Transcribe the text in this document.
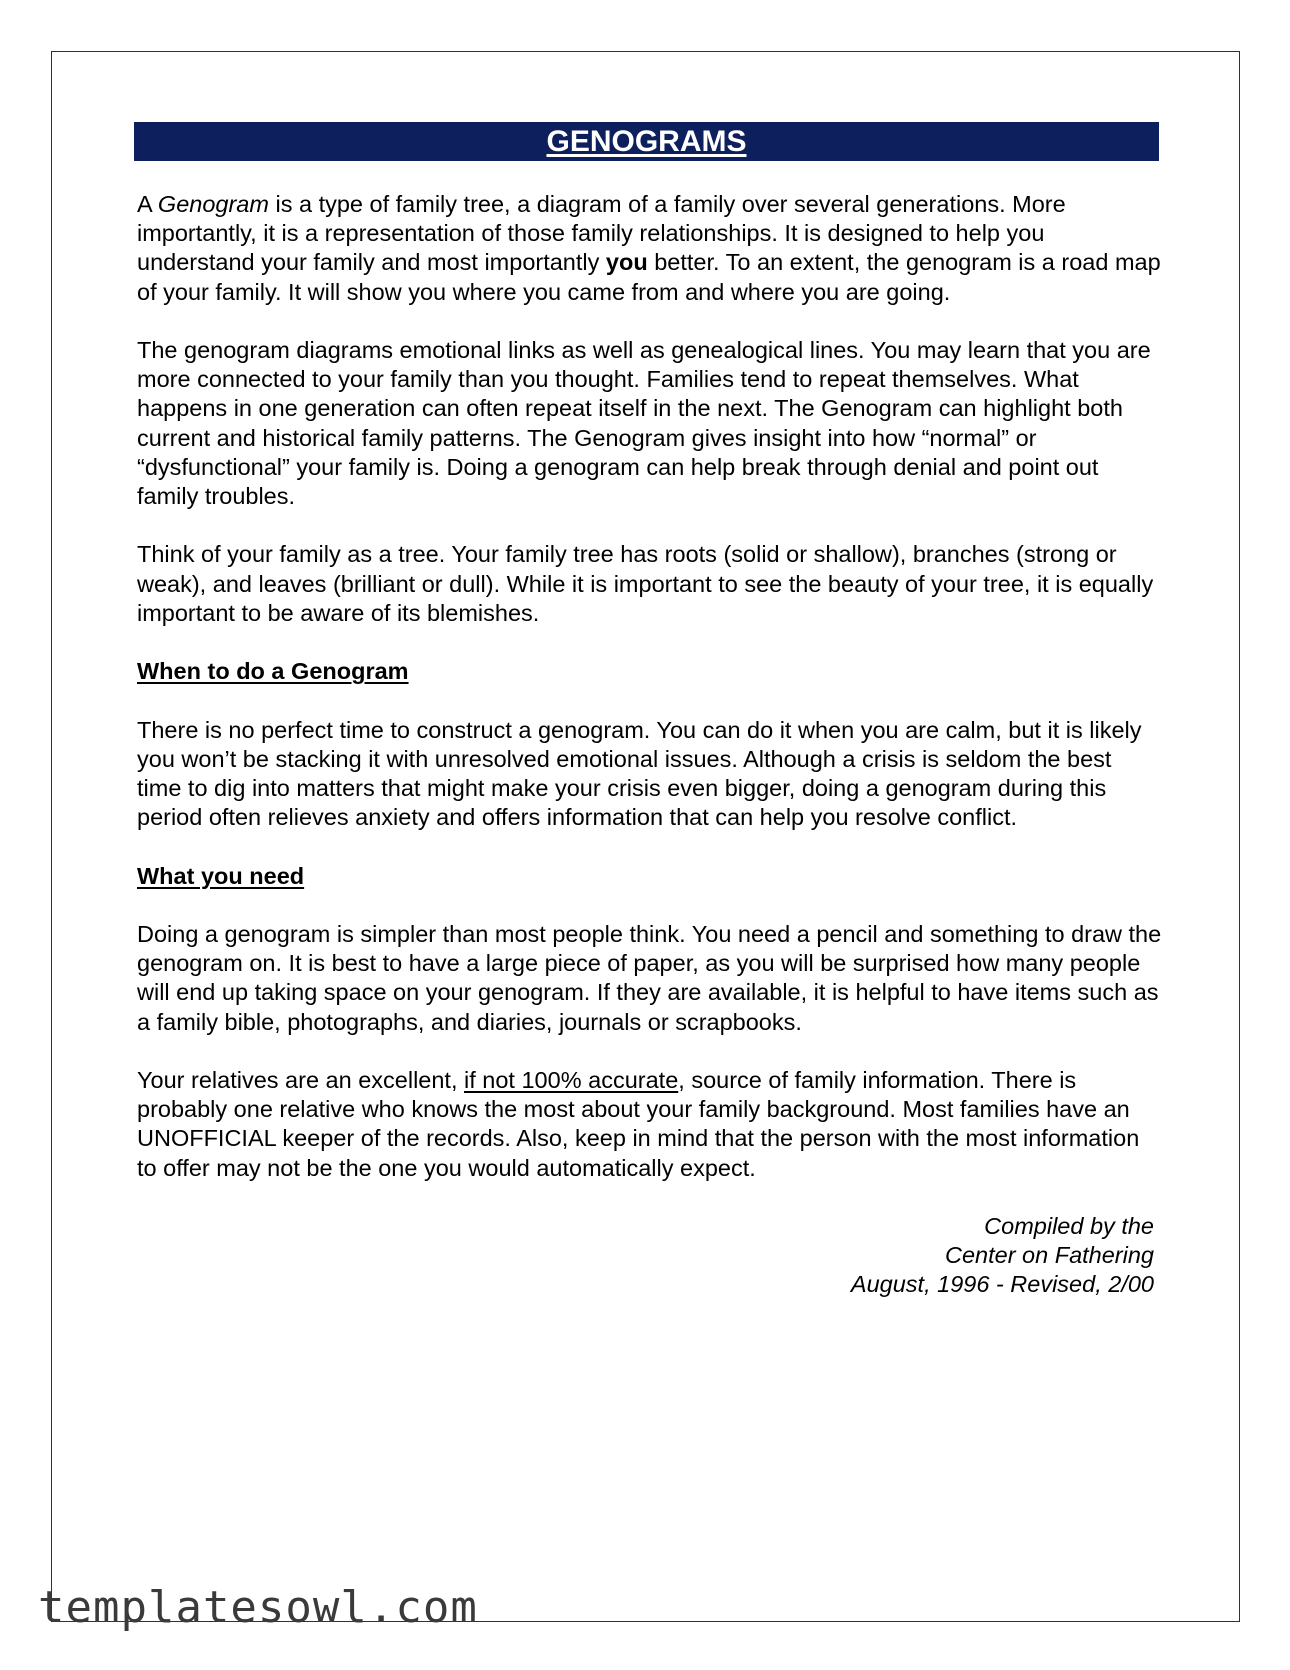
GENOGRAMS

A Genogram is a type of family tree, a diagram of a family over several generations. More importantly, it is a representation of those family relationships. It is designed to help you understand your family and most importantly you better. To an extent, the genogram is a road map of your family. It will show you where you came from and where you are going.

The genogram diagrams emotional links as well as genealogical lines. You may learn that you are more connected to your family than you thought. Families tend to repeat themselves. What happens in one generation can often repeat itself in the next. The Genogram can highlight both current and historical family patterns. The Genogram gives insight into how “normal” or “dysfunctional” your family is. Doing a genogram can help break through denial and point out family troubles.

Think of your family as a tree. Your family tree has roots (solid or shallow), branches (strong or weak), and leaves (brilliant or dull). While it is important to see the beauty of your tree, it is equally important to be aware of its blemishes.

When to do a Genogram

There is no perfect time to construct a genogram. You can do it when you are calm, but it is likely you won’t be stacking it with unresolved emotional issues. Although a crisis is seldom the best time to dig into matters that might make your crisis even bigger, doing a genogram during this period often relieves anxiety and offers information that can help you resolve conflict.

What you need

Doing a genogram is simpler than most people think. You need a pencil and something to draw the genogram on. It is best to have a large piece of paper, as you will be surprised how many people will end up taking space on your genogram. If they are available, it is helpful to have items such as a family bible, photographs, and diaries, journals or scrapbooks.

Your relatives are an excellent, if not 100% accurate, source of family information. There is probably one relative who knows the most about your family background. Most families have an UNOFFICIAL keeper of the records. Also, keep in mind that the person with the most information to offer may not be the one you would automatically expect.

Compiled by the
Center on Fathering
August, 1996 - Revised, 2/00
templatesowl.com
